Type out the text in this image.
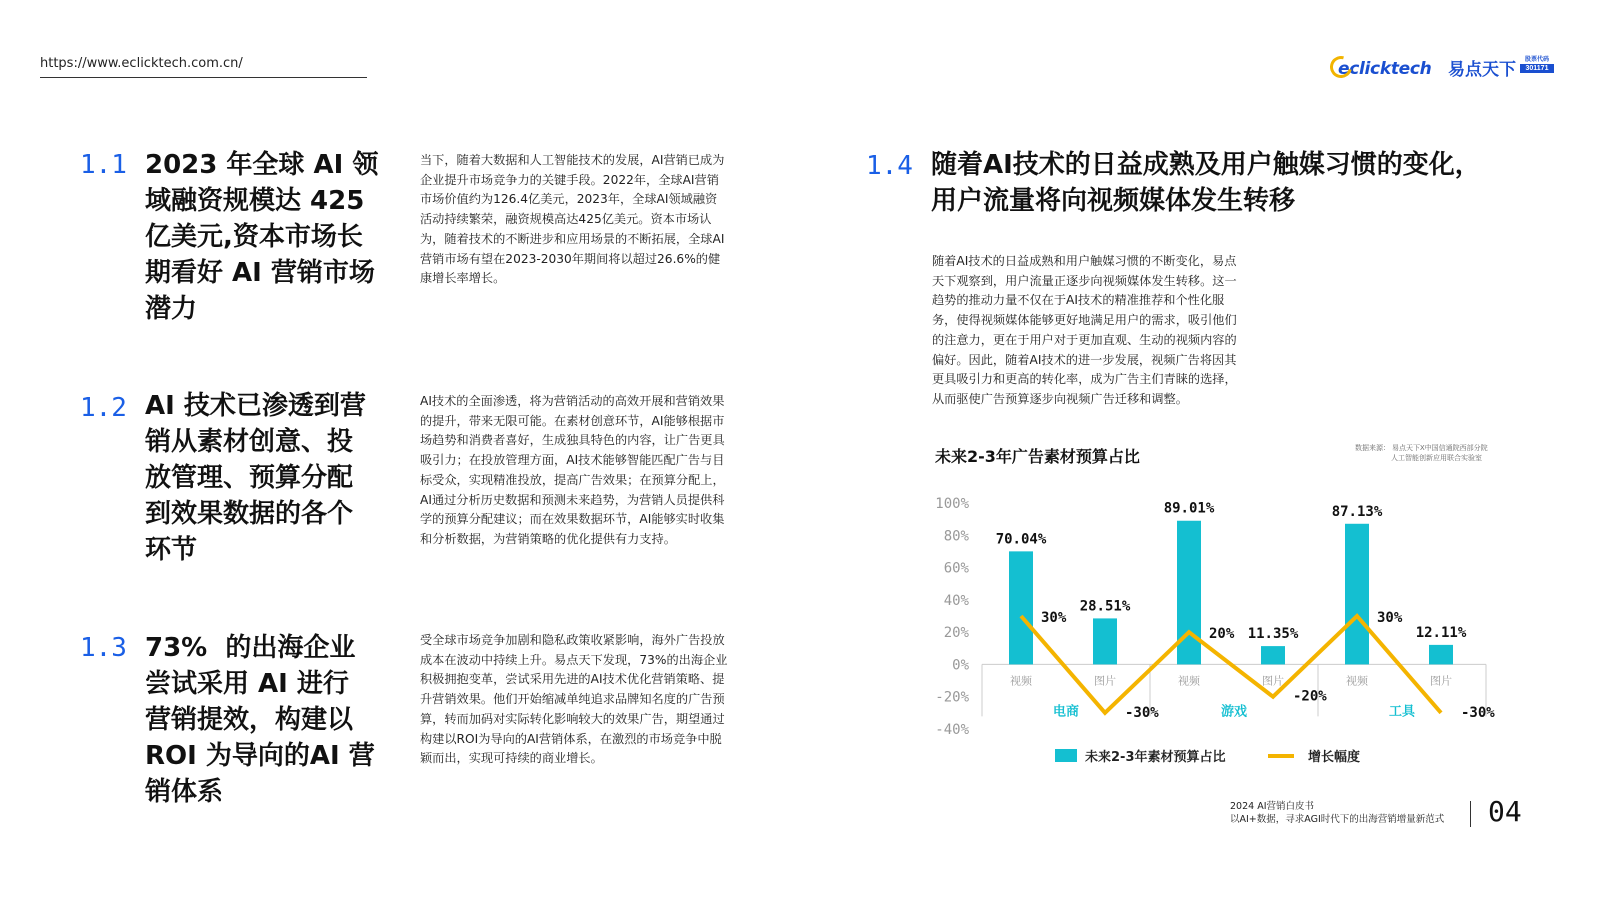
https://www.eclicktech.com.cn/	eclicktech 易点天下	股票代码
301171
1.1 2023 年全球 AI 领
域融资规模达 425
亿美元,资本市场长
期看好 AI 营销市场
潜力
当下，随着大数据和人工智能技术的发展，AI营销已成为
企业提升市场竞争力的关键手段。2022年，全球AI营销
市场价值约为126.4亿美元，2023年，全球AI领域融资
活动持续繁荣，融资规模高达425亿美元。资本市场认
为，随着技术的不断进步和应用场景的不断拓展，全球AI
营销市场有望在2023-2030年期间将以超过26.6%的健
康增长率增长。
1.2 AI 技术已渗透到营
销从素材创意、投
放管理、预算分配
到效果数据的各个
环节
AI技术的全面渗透，将为营销活动的高效开展和营销效果
的提升，带来无限可能。在素材创意环节，AI能够根据市
场趋势和消费者喜好，生成独具特色的内容，让广告更具
吸引力；在投放管理方面，AI技术能够智能匹配广告与目
标受众，实现精准投放，提高广告效果；在预算分配上，
AI通过分析历史数据和预测未来趋势，为营销人员提供科
学的预算分配建议；而在效果数据环节，AI能够实时收集
和分析数据，为营销策略的优化提供有力支持。
1.3 73%  的出海企业
尝试采用 AI 进行
营销提效，构建以
ROI 为导向的AI 营
销体系
受全球市场竞争加剧和隐私政策收紧影响，海外广告投放
成本在波动中持续上升。易点天下发现，73%的出海企业
积极拥抱变革，尝试采用先进的AI技术优化营销策略、提
升营销效果。他们开始缩减单纯追求品牌知名度的广告预
算，转而加码对实际转化影响较大的效果广告，期望通过
构建以ROI为导向的AI营销体系，在激烈的市场竞争中脱
颖而出，实现可持续的商业增长。
1.4 随着AI技术的日益成熟及用户触媒习惯的变化，
用户流量将向视频媒体发生转移
随着AI技术的日益成熟和用户触媒习惯的不断变化，易点
天下观察到，用户流量正逐步向视频媒体发生转移。这一
趋势的推动力量不仅在于AI技术的精准推荐和个性化服
务，使得视频媒体能够更好地满足用户的需求，吸引他们
的注意力，更在于用户对于更加直观、生动的视频内容的
偏好。因此，随着AI技术的进一步发展，视频广告将因其
更具吸引力和更高的转化率，成为广告主们青睐的选择，
从而驱使广告预算逐步向视频广告迁移和调整。
未来2-3年广告素材预算占比	数据来源： 易点天下X中国信通院西部分院
人工智能创新应用联合实验室
100%
80%
60%
40%
20%
0%
-20%
-40%
视频	图片	视频	图片	视频	图片
电商	游戏	工具
70.04%
28.51%
89.01%
11.35%
87.13%
12.11%
30%
-30%
20%
-20%
30%
-30%
未来2-3年素材预算占比	增长幅度
2024 AI营销白皮书
以AI+数据，寻求AGI时代下的出海营销增量新范式 04
